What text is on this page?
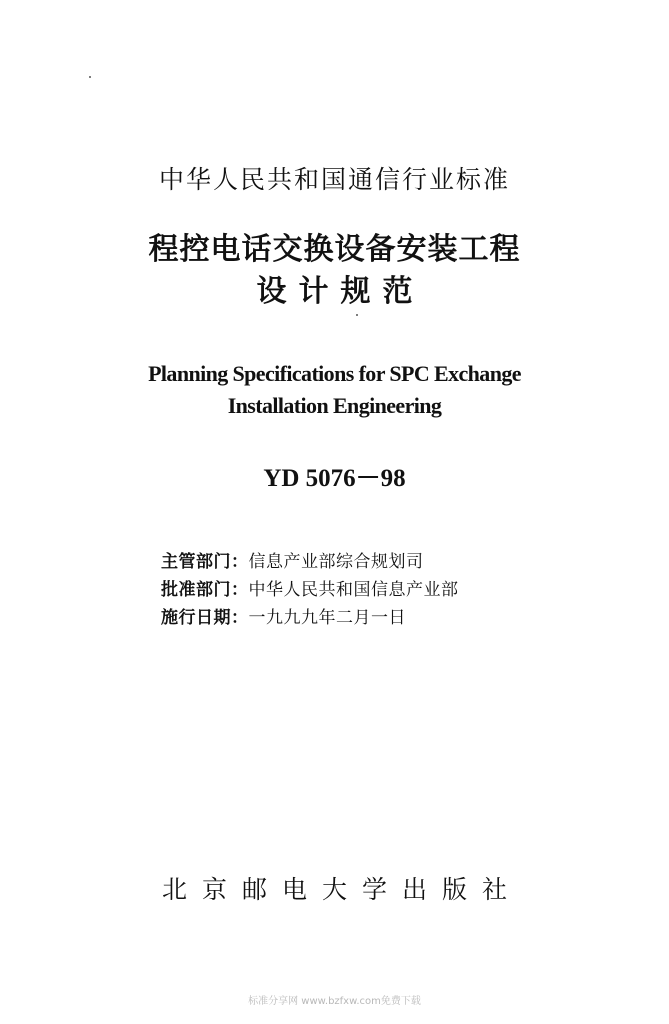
中华人民共和国通信行业标准
程控电话交换设备安装工程
设计规范
Planning Specifications for SPC Exchange
Installation Engineering
YD 5076－98
主管部门：信息产业部综合规划司
批准部门：中华人民共和国信息产业部
施行日期：一九九九年二月一日
北京邮电大学出版社
标准分享网 www.bzfxw.com免费下载
